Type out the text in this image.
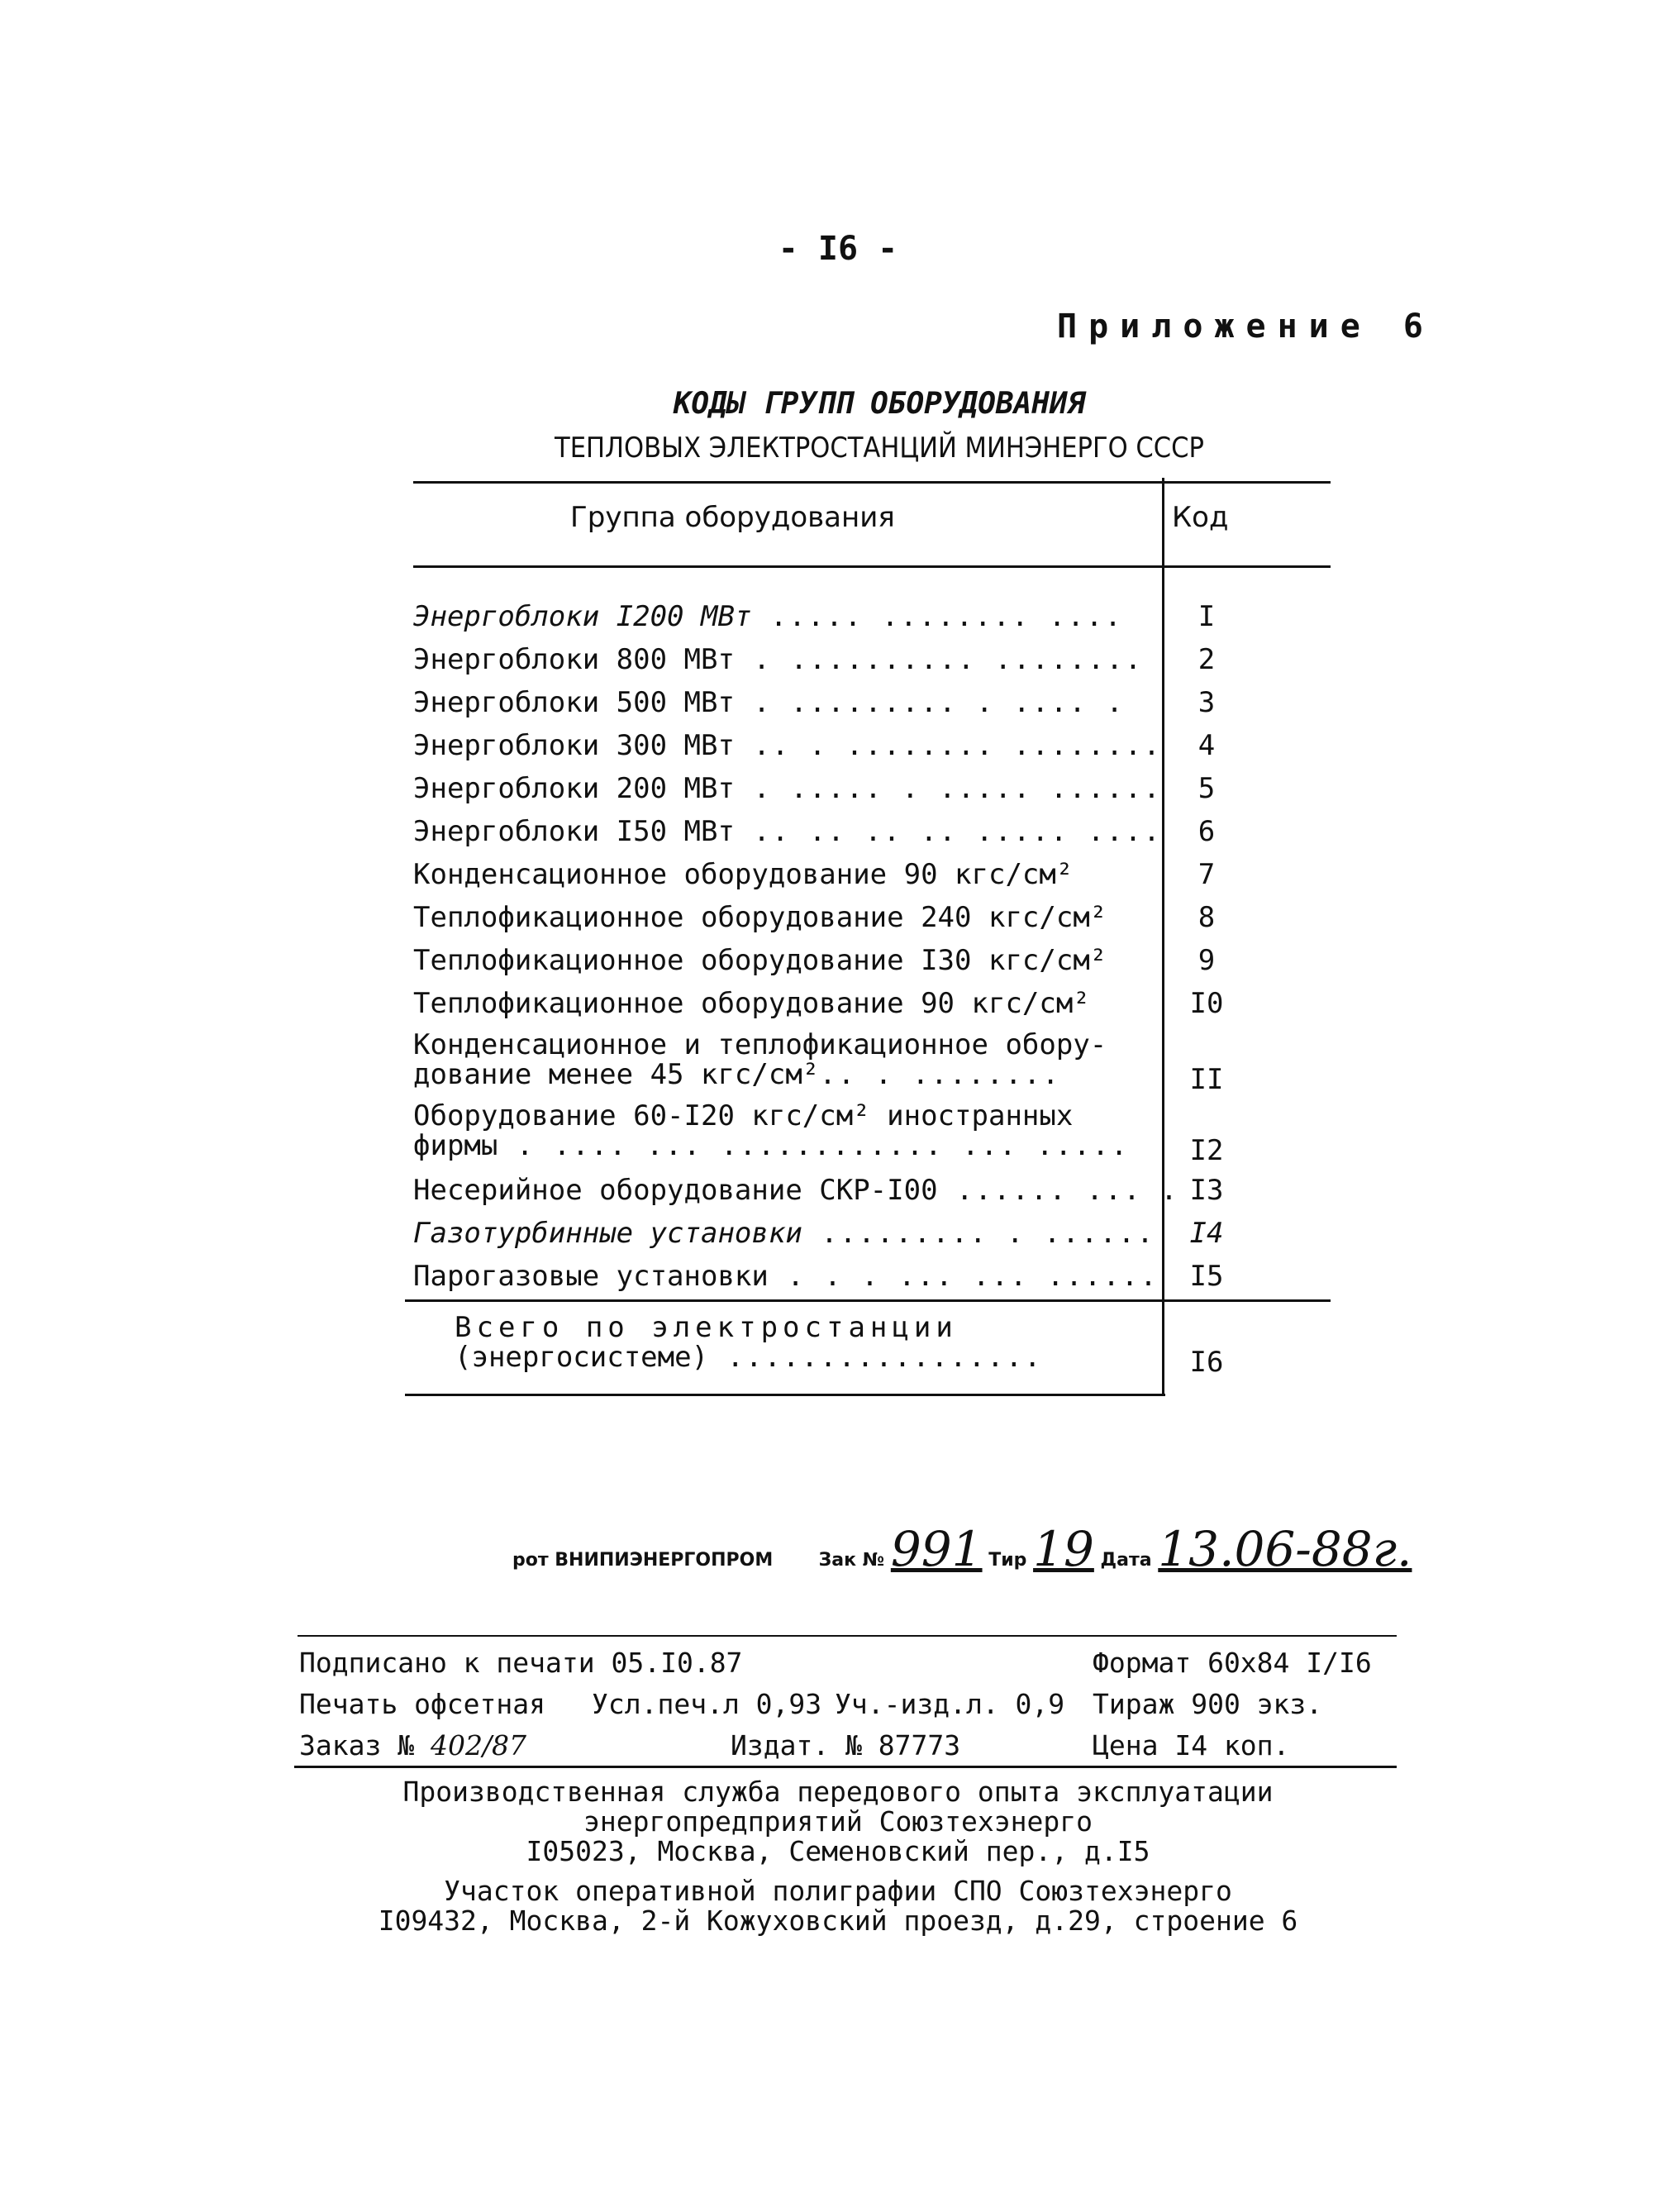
- I6 -
Приложение 6
КОДЫ ГРУПП ОБОРУДОВАНИЯ
ТЕПЛОВЫХ ЭЛЕКТРОСТАНЦИЙ МИНЭНЕРГО СССР
Группа оборудования	Код
Энергоблоки I200 МВт ..... ........ ....	I
Энергоблоки 800 МВт . .......... ........	2
Энергоблоки 500 МВт . ......... . .... .	3
Энергоблоки 300 МВт .. . ........ ........	4
Энергоблоки 200 МВт . ..... . ..... ......	5
Энергоблоки I50 МВт .. .. .. .. ..... ....	6
Конденсационное оборудование 90 кгс/см²	7
Теплофикационное оборудование 240 кгс/см²	8
Теплофикационное оборудование I30 кгс/см²	9
Теплофикационное оборудование 90 кгс/см²	I0
Конденсационное и теплофикационное обору-
дование менее 45 кгс/см².. . ........	II
Оборудование 60-I20 кгс/см² иностранных
фирмы . .... ... ............ ... ..... I2
Несерийное оборудование СКР-I00 ...... ... . I3
Газотурбинные установки ......... . ...... I4
Парогазовые установки . . . ... ... ...... I5
Всего по электростанции
(энергосистеме) .................	I6
рот ВНИПИЭНЕРГОПРОМ	Зак № 991 Тир 19 Дата 13.06-88г.
Подписано к печати 05.I0.87	Формат 60x84 I/I6
Печать офсетная Усл.печ.л 0,93 Уч.-изд.л. 0,9 Тираж 900 экз.
Заказ № 402/87	Издат. № 87773	Цена I4 коп.
Производственная служба передового опыта эксплуатации
энергопредприятий Союзтехэнерго
I05023, Москва, Семеновский пер., д.I5
Участок оперативной полиграфии СПО Союзтехэнерго
I09432, Москва, 2-й Кожуховский проезд, д.29, строение 6
